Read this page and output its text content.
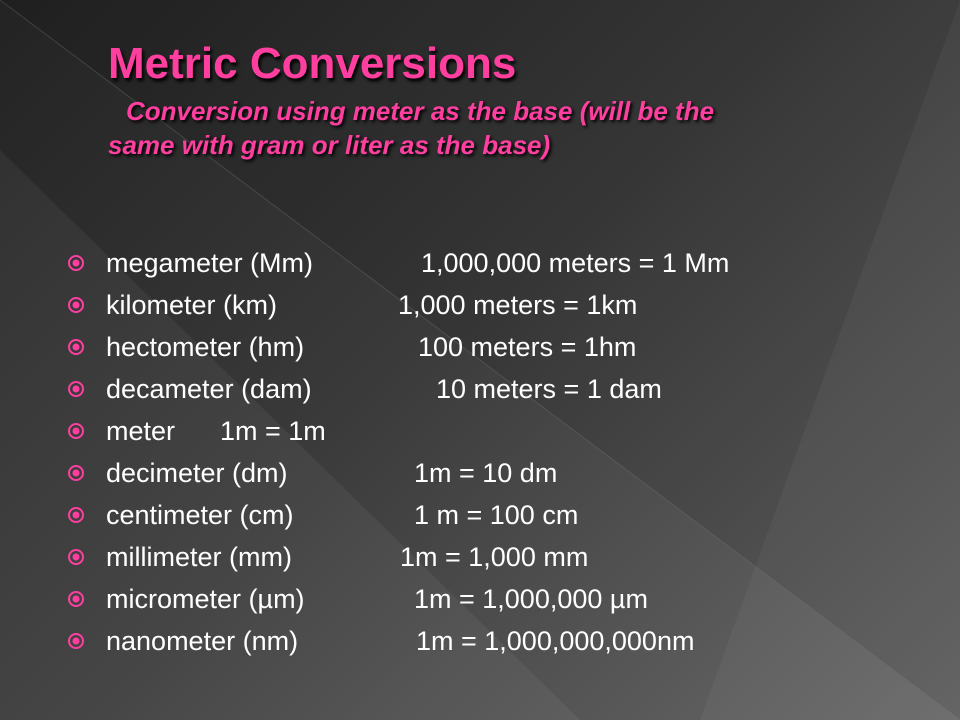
Metric Conversions
Conversion using meter as the base (will be the
same with gram or liter as the base)
megameter (Mm)	1,000,000 meters = 1 Mm
kilometer (km)	1,000 meters = 1km
hectometer (hm)	100 meters = 1hm
decameter (dam)	10 meters = 1 dam
meter	1m = 1m
decimeter (dm)	1m = 10 dm
centimeter (cm)	1 m = 100 cm
millimeter (mm)	1m = 1,000 mm
micrometer (µm)	1m = 1,000,000 µm
nanometer (nm)	1m = 1,000,000,000nm
